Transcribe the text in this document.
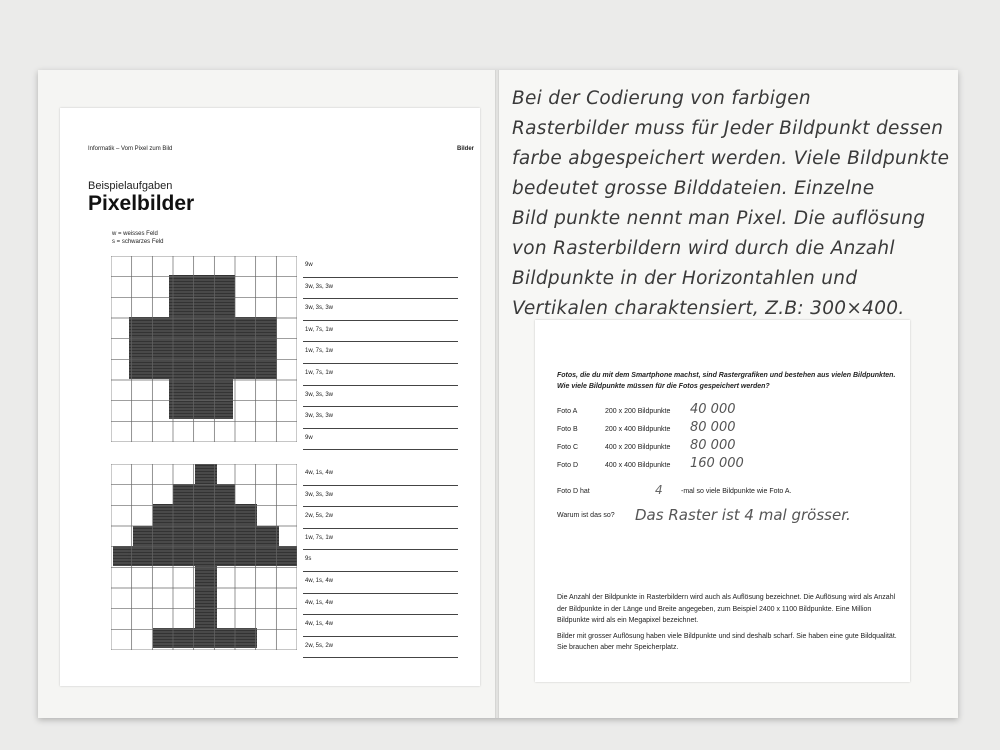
Informatik – Vom Pixel zum Bild	Bilder
Beispielaufgaben
Pixelbilder
w = weisses Feld
s = schwarzes Feld
9w
3w, 3s, 3w
3w, 3s, 3w
1w, 7s, 1w
1w, 7s, 1w
1w, 7s, 1w
3w, 3s, 3w
3w, 3s, 3w
9w
4w, 1s, 4w
3w, 3s, 3w
2w, 5s, 2w
1w, 7s, 1w
9s
4w, 1s, 4w
4w, 1s, 4w
4w, 1s, 4w
2w, 5s, 2w
Bei der Codierung von farbigen
Rasterbilder muss für Jeder Bildpunkt dessen
farbe abgespeichert werden. Viele Bildpunkte
bedeutet grosse Bilddateien. Einzelne
Bild punkte nennt man Pixel. Die auflösung
von Rasterbildern wird durch die Anzahl
Bildpunkte in der Horizontahlen und
Vertikalen charaktensiert, Z.B: 300×400.
Fotos, die du mit dem Smartphone machst, sind Rastergrafiken und bestehen aus vielen Bildpunkten. Wie viele Bildpunkte müssen für die Fotos gespeichert werden?
Foto A	200 x 200 Bildpunkte 40 000
Foto B	200 x 400 Bildpunkte 80 000
Foto C	400 x 200 Bildpunkte 80 000
Foto D	400 x 400 Bildpunkte 160 000
Foto D hat	4	-mal so viele Bildpunkte wie Foto A.
Warum ist das so? Das Raster ist 4 mal grösser.

Die Anzahl der Bildpunkte in Rasterbildern wird auch als Auflösung bezeichnet. Die Auflösung wird als Anzahl der Bildpunkte in der Länge und Breite angegeben, zum Beispiel 2400 x 1100 Bildpunkte. Eine Million Bildpunkte wird als ein Megapixel bezeichnet.

Bilder mit grosser Auflösung haben viele Bildpunkte und sind deshalb scharf. Sie haben eine gute Bildqualität. Sie brauchen aber mehr Speicherplatz.
